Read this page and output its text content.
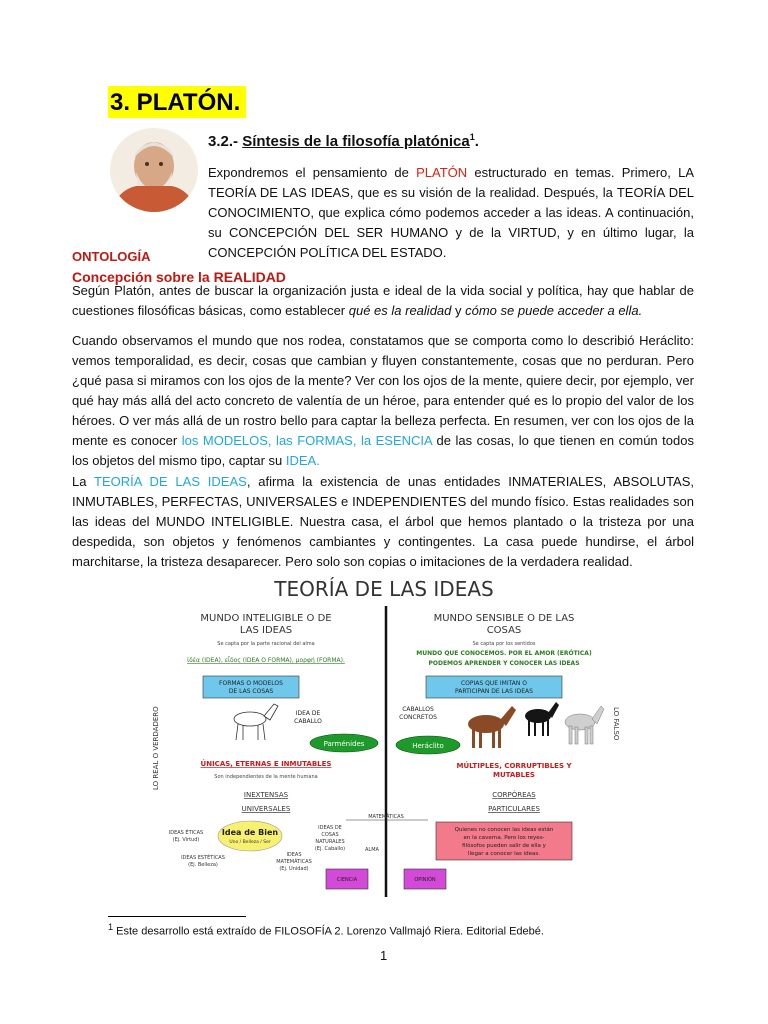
3. PLATÓN.
3.2.- Síntesis de la filosofía platónica$^1$.
Expondremos el pensamiento de PLATÓN estructurado en temas. Primero, LA TEORÍA DE LAS IDEAS, que es su visión de la realidad. Después, la TEORÍA DEL CONOCIMIENTO, que explica cómo podemos acceder a las ideas. A continuación, su CONCEPCIÓN DEL SER HUMANO y de la VIRTUD, y en último lugar, la CONCEPCIÓN POLÍTICA DEL ESTADO.
ONTOLOGÍA
Concepción sobre la REALIDAD
Según Platón, antes de buscar la organización justa e ideal de la vida social y política, hay que hablar de cuestiones filosóficas básicas, como establecer qué es la realidad y cómo se puede acceder a ella.
Cuando observamos el mundo que nos rodea, constatamos que se comporta como lo describió Heráclito: vemos temporalidad, es decir, cosas que cambian y fluyen constantemente, cosas que no perduran. Pero ¿qué pasa si miramos con los ojos de la mente? Ver con los ojos de la mente, quiere decir, por ejemplo, ver qué hay más allá del acto concreto de valentía de un héroe, para entender qué es lo propio del valor de los héroes. O ver más allá de un rostro bello para captar la belleza perfecta. En resumen, ver con los ojos de la mente es conocer los MODELOS, las FORMAS, la ESENCIA de las cosas, lo que tienen en común todos los objetos del mismo tipo, captar su IDEA.
La TEORÍA DE LAS IDEAS, afirma la existencia de unas entidades INMATERIALES, ABSOLUTAS, INMUTABLES, PERFECTAS, UNIVERSALES e INDEPENDIENTES del mundo físico. Estas realidades son las ideas del MUNDO INTELIGIBLE. Nuestra casa, el árbol que hemos plantado o la tristeza por una despedida, son objetos y fenómenos cambiantes y contingentes. La casa puede hundirse, el árbol marchitarse, la tristeza desaparecer. Pero solo son copias o imitaciones de la verdadera realidad.
TEORÍA DE LAS IDEAS
MUNDO INTELIGIBLE O DE
LAS IDEAS
Se capta por la parte racional del alma
ἰδέα (IDEA), εἶδος (IDEA O FORMA), μορφή (FORMA).
MUNDO SENSIBLE O DE LAS
COSAS
Se capta por los sentidos
MUNDO QUE CONOCEMOS. POR EL AMOR (ERÓTICA)
PODEMOS APRENDER Y CONOCER LAS IDEAS
FORMAS O MODELOS
DE LAS COSAS
COPIAS QUE IMITAN O
PARTICIPAN DE LAS IDEAS
IDEA DE
CABALLO
CABALLOS
CONCRETOS
Parménides	Heráclito
LO REAL O VERDADERO	LO FALSO
ÚNICAS, ETERNAS E INMUTABLES
Son independientes de la mente humana
MÚLTIPLES, CORRUPTIBLES Y
MUTABLES
INEXTENSAS
UNIVERSALES
CORPÓREAS
PARTICULARES
MATEMÁTICAS
ALMA
Idea de Bien
Uno / Belleza / Ser
IDEAS ÉTICAS
(Ej. Virtud)
IDEAS ESTÉTICAS
(Ej. Belleza)
IDEAS DE
COSAS
NATURALES
(Ej. Caballo)
IDEAS
MATEMÁTICAS
(Ej. Unidad)
Quienes no conocen las ideas están
en la caverna. Pero los reyes-
filósofos pueden salir de ella y
llegar a conocer las ideas.
CIENCIA	OPINIÓN
$^1$ Este desarrollo está extraído de FILOSOFÍA 2. Lorenzo Vallmajó Riera. Editorial Edebé.
1
